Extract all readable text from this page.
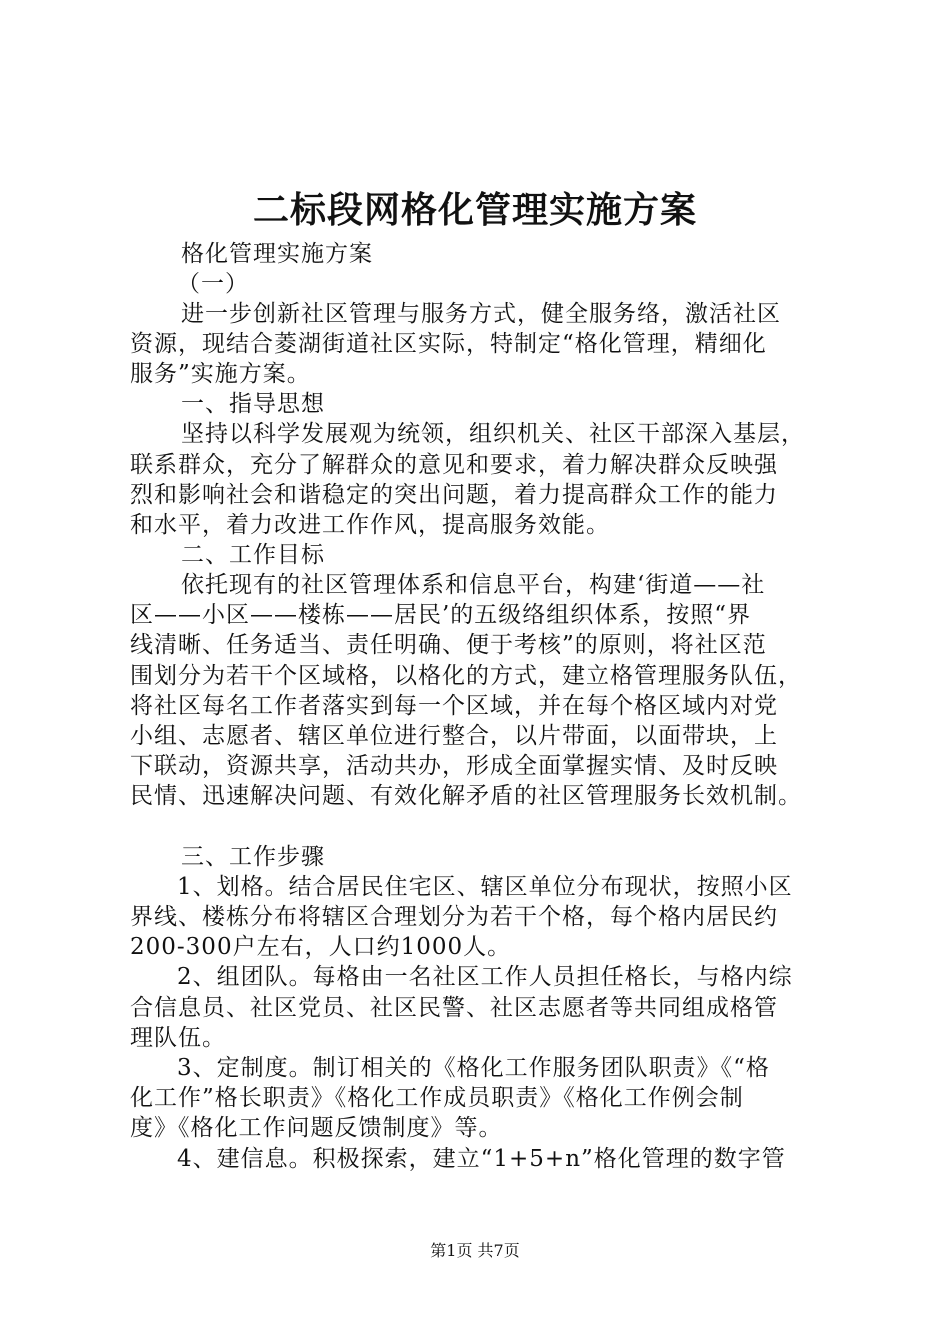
二标段网格化管理实施方案
格化管理实施方案
（一）
进一步创新社区管理与服务方式，健全服务络，激活社区
资源，现结合菱湖街道社区实际，特制定“格化管理，精细化
服务”实施方案。
一、指导思想
坚持以科学发展观为统领，组织机关、社区干部深入基层，
联系群众，充分了解群众的意见和要求，着力解决群众反映强
烈和影响社会和谐稳定的突出问题，着力提高群众工作的能力
和水平，着力改进工作作风，提高服务效能。
二、工作目标
依托现有的社区管理体系和信息平台，构建‘街道——社
区——小区——楼栋——居民’的五级络组织体系，按照“界
线清晰、任务适当、责任明确、便于考核”的原则，将社区范
围划分为若干个区域格，以格化的方式，建立格管理服务队伍，
将社区每名工作者落实到每一个区域，并在每个格区域内对党
小组、志愿者、辖区单位进行整合，以片带面，以面带块，上
下联动，资源共享，活动共办，形成全面掌握实情、及时反映
民情、迅速解决问题、有效化解矛盾的社区管理服务长效机制。
三、工作步骤
1、划格。结合居民住宅区、辖区单位分布现状，按照小区
界线、楼栋分布将辖区合理划分为若干个格，每个格内居民约
200-300户左右，人口约1000人。
2、组团队。每格由一名社区工作人员担任格长，与格内综
合信息员、社区党员、社区民警、社区志愿者等共同组成格管
理队伍。
3、定制度。制订相关的《格化工作服务团队职责》《“格
化工作”格长职责》《格化工作成员职责》《格化工作例会制
度》《格化工作问题反馈制度》等。
4、建信息。积极探索，建立“1+5+n”格化管理的数字管
第1页 共7页
